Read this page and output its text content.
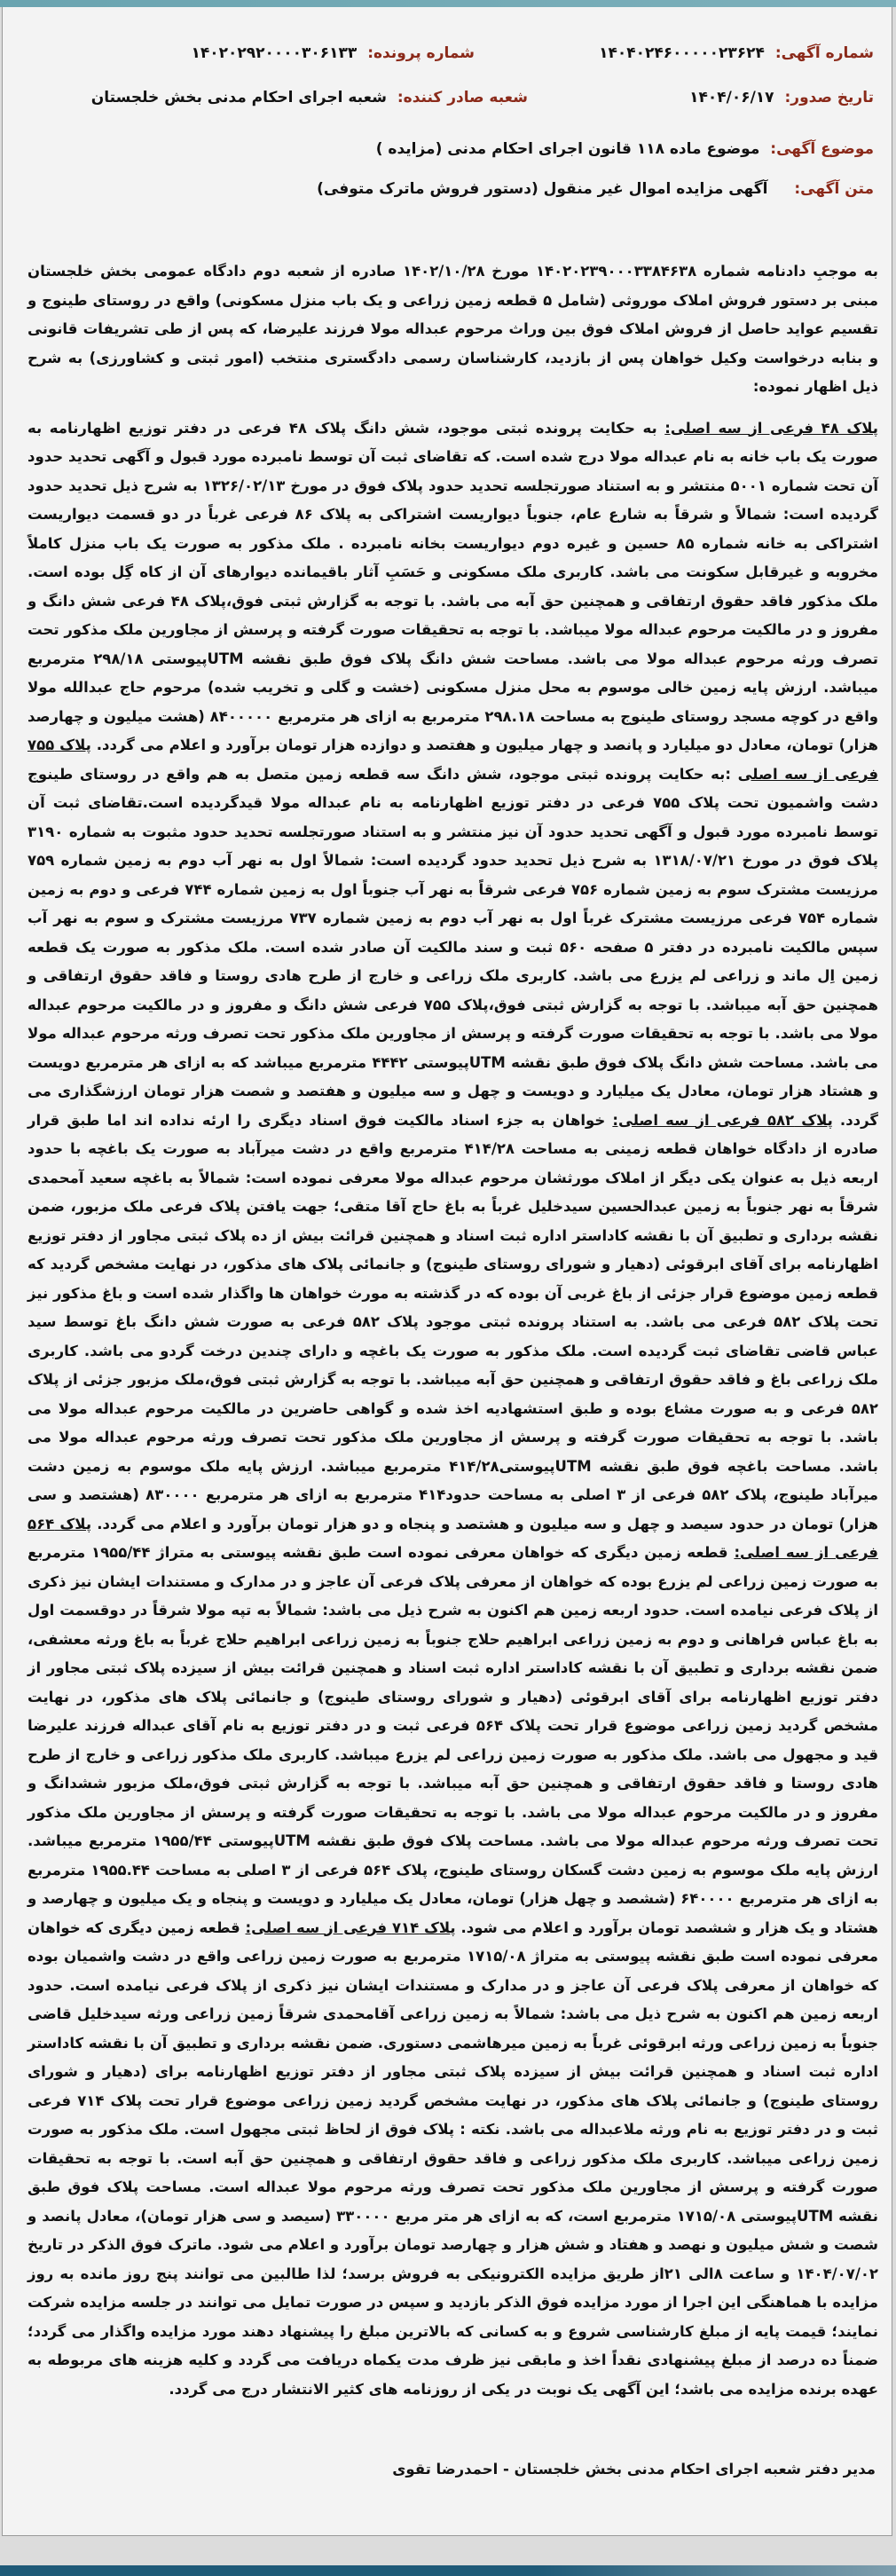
شماره آگهی: ۱۴۰۴۰۲۴۶۰۰۰۰۰۲۳۶۲۴
شماره پرونده: ۱۴۰۲۰۲۹۲۰۰۰۰۳۰۶۱۳۳
تاریخ صدور: ۱۴۰۴/۰۶/۱۷
شعبه صادر کننده: شعبه اجرای احکام مدنی بخش خلجستان
موضوع آگهی: موضوع ماده ۱۱۸ قانون اجرای احکام مدنی (مزایده )
متن آگهی: آگهی مزایده اموال غیر منقول (دستور فروش ماترک متوفی)

به موجبِ دادنامه شماره ۱۴۰۲۰۲۳۹۰۰۰۳۳۸۴۶۳۸ مورخ ۱۴۰۲/۱۰/۲۸ صادره از شعبه دوم دادگاه عمومی بخش خلجستان مبنی بر دستور فروش املاک موروثی (شامل ۵ قطعه زمین زراعی و یک باب منزل مسکونی) واقع در روستای طینوج و تقسیم عواید حاصل از فروش املاک فوق بین وراث مرحوم عبداله مولا فرزند علیرضا، که پس از طی تشریفات قانونی و بنابه درخواست وکیل خواهان پس از بازدید، کارشناسان رسمی دادگستری منتخب (امور ثبتی و کشاورزی) به شرح ذیل اظهار نموده:

پلاک ۴۸ فرعی از سه اصلی: به حکایت پرونده ثبتی موجود، شش دانگ پلاک ۴۸ فرعی در دفتر توزیع اظهارنامه به صورت یک باب خانه به نام عبداله مولا درج شده است. که تقاضای ثبت آن توسط نامبرده مورد قبول و آگهی تحدید حدود آن تحت شماره ۵۰۰۱ منتشر و به استناد صورتجلسه تحدید حدود پلاک فوق در مورخ ۱۳۲۶/۰۲/۱۳ به شرح ذیل تحدید حدود گردیده است: شمالاً و شرقاً به شارع عام، جنوباً دیواریست اشتراکی به پلاک ۸۶ فرعی غرباً در دو قسمت دیواریست اشتراکی به خانه شماره ۸۵ حسین و غیره دوم دیواریست بخانه نامبرده . ملک مذکور به صورت یک باب منزل کاملاً مخروبه و غیرقابل سکونت می باشد. کاربری ملک مسکونی و حَسَبِ آثار باقیمانده دیوارهای آن از کاه گِل بوده است. ملک مذکور فاقد حقوق ارتفاقی و همچنین حق آبه می باشد. با توجه به گزارش ثبتی فوق،پلاک ۴۸ فرعی شش دانگ و مفروز و در مالکیت مرحوم عبداله مولا میباشد. با توجه به تحقیقات صورت گرفته و پرسش از مجاورین ملک مذکور تحت تصرف ورثه مرحوم عبداله مولا می باشد. مساحت شش دانگ پلاک فوق طبق نقشه UTMپیوستی ۲۹۸/۱۸ مترمربع میباشد. ارزش پایه زمین خالی موسوم به محل منزل مسکونی (خشت و گلی و تخریب شده) مرحوم حاج عبدالله مولا واقع در کوچه مسجد روستای طینوج به مساحت ۲۹۸.۱۸ مترمربع به ازای هر مترمربع ۸۴۰۰۰۰۰ (هشت میلیون و چهارصد هزار) تومان، معادل دو میلیارد و پانصد و چهار میلیون و هفتصد و دوازده هزار تومان برآورد و اعلام می گردد. پلاک ۷۵۵ فرعی از سه اصلی :به حکایت پرونده ثبتی موجود، شش دانگ سه قطعه زمین متصل به هم واقع در روستای طینوج دشت واشمیون تحت پلاک ۷۵۵ فرعی در دفتر توزیع اظهارنامه به نام عبداله مولا قیدگردیده است.تقاضای ثبت آن توسط نامبرده مورد قبول و آگهی تحدید حدود آن نیز منتشر و به استناد صورتجلسه تحدید حدود مثبوت به شماره ۳۱۹۰ پلاک فوق در مورخ ۱۳۱۸/۰۷/۲۱ به شرح ذیل تحدید حدود گردیده است: شمالاً اول به نهر آب دوم به زمین شماره ۷۵۹ مرزیست مشترک سوم به زمین شماره ۷۵۶ فرعی شرقاً به نهر آب جنوباً اول به زمین شماره ۷۴۴ فرعی و دوم به زمین شماره ۷۵۴ فرعی مرزیست مشترک غرباً اول به نهر آب دوم به زمین شماره ۷۳۷ مرزیست مشترک و سوم به نهر آب سپس مالکیت نامبرده در دفتر ۵ صفحه ۵۶۰ ثبت و سند مالکیت آن صادر شده است. ملک مذکور به صورت یک قطعه زمین اِل ماند و زراعی لم یزرع می باشد. کاربری ملک زراعی و خارج از طرح هادی روستا و فاقد حقوق ارتفاقی و همچنین حق آبه میباشد. با توجه به گزارش ثبتی فوق،پلاک ۷۵۵ فرعی شش دانگ و مفروز و در مالکیت مرحوم عبداله مولا می باشد. با توجه به تحقیقات صورت گرفته و پرسش از مجاورین ملک مذکور تحت تصرف ورثه مرحوم عبداله مولا می باشد. مساحت شش دانگ پلاک فوق طبق نقشه UTMپیوستی ۴۴۴۲ مترمربع میباشد که به ازای هر مترمربع دویست و هشتاد هزار تومان، معادل یک میلیارد و دویست و چهل و سه میلیون و هفتصد و شصت هزار تومان ارزشگذاری می گردد. پلاک ۵۸۲ فرعی از سه اصلی: خواهان به جزء اسناد مالکیت فوق اسناد دیگری را ارئه نداده اند اما طبق قرار صادره از دادگاه خواهان قطعه زمینی به مساحت ۴۱۴/۲۸ مترمربع واقع در دشت میرآباد به صورت یک باغچه با حدود اربعه ذیل به عنوان یکی دیگر از املاک مورثشان مرحوم عبداله مولا معرفی نموده است: شمالاً به باغچه سعید آمحمدی شرقاً به نهر جنوباً به زمین عبدالحسین سیدخلیل غرباً به باغ حاج آقا متقی؛ جهت یافتن پلاک فرعی ملک مزبور، ضمن نقشه برداری و تطبیق آن با نقشه کاداستر اداره ثبت اسناد و همچنین قرائت بیش از ده پلاک ثبتی مجاور از دفتر توزیع اظهارنامه برای آقای ابرقوئی (دهیار و شورای روستای طینوج) و جانمائی پلاک های مذکور، در نهایت مشخص گردید که قطعه زمین موضوع قرار جزئی از باغ غربی آن بوده که در گذشته به مورث خواهان ها واگذار شده است و باغ مذکور نیز تحت پلاک ۵۸۲ فرعی می باشد. به استناد پرونده ثبتی موجود پلاک ۵۸۲ فرعی به صورت شش دانگ باغ توسط سید عباس قاضی تقاضای ثبت گردیده است. ملک مذکور به صورت یک باغچه و دارای چندین درخت گردو می باشد. کاربری ملک زراعی باغ و فاقد حقوق ارتفاقی و همچنین حق آبه میباشد. با توجه به گزارش ثبتی فوق،ملک مزبور جزئی از پلاک ۵۸۲ فرعی و به صورت مشاع بوده و طبق استشهادیه اخذ شده و گواهی حاضرین در مالکیت مرحوم عبداله مولا می باشد. با توجه به تحقیقات صورت گرفته و پرسش از مجاورین ملک مذکور تحت تصرف ورثه مرحوم عبداله مولا می باشد. مساحت باغچه فوق طبق نقشه UTMپیوستی۴۱۴/۲۸ مترمربع میباشد. ارزش پایه ملک موسوم به زمین دشت میرآباد طینوج، پلاک ۵۸۲ فرعی از ۳ اصلی به مساحت حدود۴۱۴ مترمربع به ازای هر مترمربع ۸۳۰۰۰۰ (هشتصد و سی هزار) تومان در حدود سیصد و چهل و سه میلیون و هشتصد و پنجاه و دو هزار تومان برآورد و اعلام می گردد. پلاک ۵۶۴ فرعی از سه اصلی: قطعه زمین دیگری که خواهان معرفی نموده است طبق نقشه پیوستی به متراژ ۱۹۵۵/۴۴ مترمربع به صورت زمین زراعی لم یزرع بوده که خواهان از معرفی پلاک فرعی آن عاجز و در مدارک و مستندات ایشان نیز ذکری از پلاک فرعی نیامده است. حدود اربعه زمین هم اکنون به شرح ذیل می باشد: شمالاً به تپه مولا شرقاً در دوقسمت اول به باغ عباس فراهانی و دوم به زمین زراعی ابراهیم حلاج جنوباً به زمین زراعی ابراهیم حلاج غرباً به باغ ورثه معشفی، ضمن نقشه برداری و تطبیق آن با نقشه کاداستر اداره ثبت اسناد و همچنین قرائت بیش از سیزده پلاک ثبتی مجاور از دفتر توزیع اظهارنامه برای آقای ابرقوئی (دهیار و شورای روستای طینوج) و جانمائی پلاک های مذکور، در نهایت مشخص گردید زمین زراعی موضوع قرار تحت پلاک ۵۶۴ فرعی ثبت و در دفتر توزیع به نام آقای عبداله فرزند علیرضا قید و مجهول می باشد. ملک مذکور به صورت زمین زراعی لم یزرع میباشد. کاربری ملک مذکور زراعی و خارج از طرح هادی روستا و فاقد حقوق ارتفاقی و همچنین حق آبه میباشد. با توجه به گزارش ثبتی فوق،ملک مزبور ششدانگ و مفروز و در مالکیت مرحوم عبداله مولا می باشد. با توجه به تحقیقات صورت گرفته و پرسش از مجاورین ملک مذکور تحت تصرف ورثه مرحوم عبداله مولا می باشد. مساحت پلاک فوق طبق نقشه UTMپیوستی ۱۹۵۵/۴۴ مترمربع میباشد. ارزش پایه ملک موسوم به زمین دشت گسکان روستای طینوج، پلاک ۵۶۴ فرعی از ۳ اصلی به مساحت ۱۹۵۵.۴۴ مترمربع به ازای هر مترمربع ۶۴۰۰۰۰ (ششصد و چهل هزار) تومان، معادل یک میلیارد و دویست و پنجاه و یک میلیون و چهارصد و هشتاد و یک هزار و ششصد تومان برآورد و اعلام می شود. پلاک ۷۱۴ فرعی از سه اصلی: قطعه زمین دیگری که خواهان معرفی نموده است طبق نقشه پیوستی به متراژ ۱۷۱۵/۰۸ مترمربع به صورت زمین زراعی واقع در دشت واشمیان بوده که خواهان از معرفی پلاک فرعی آن عاجز و در مدارک و مستندات ایشان نیز ذکری از پلاک فرعی نیامده است. حدود اربعه زمین هم اکنون به شرح ذیل می باشد: شمالاً به زمین زراعی آقامحمدی شرقاً زمین زراعی ورثه سیدخلیل قاضی جنوباً به زمین زراعی ورثه ابرقوئی غرباً به زمین میرهاشمی دستوری. ضمن نقشه برداری و تطبیق آن با نقشه کاداستر اداره ثبت اسناد و همچنین قرائت بیش از سیزده پلاک ثبتی مجاور از دفتر توزیع اظهارنامه برای (دهیار و شورای روستای طینوج) و جانمائی پلاک های مذکور، در نهایت مشخص گردید زمین زراعی موضوع قرار تحت پلاک ۷۱۴ فرعی ثبت و در دفتر توزیع به نام ورثه ملاعبداله می باشد. نکته : پلاک فوق از لحاظ ثبتی مجهول است. ملک مذکور به صورت زمین زراعی میباشد. کاربری ملک مذکور زراعی و فاقد حقوق ارتفاقی و همچنین حق آبه است. با توجه به تحقیقات صورت گرفته و پرسش از مجاورین ملک مذکور تحت تصرف ورثه مرحوم مولا عبداله است. مساحت پلاک فوق طبق نقشه UTMپیوستی ۱۷۱۵/۰۸ مترمربع است، که به ازای هر متر مربع ۳۳۰۰۰۰ (سیصد و سی هزار تومان)، معادل پانصد و شصت و شش میلیون و نهصد و هفتاد و شش هزار و چهارصد تومان برآورد و اعلام می شود. ماترک فوق الذکر در تاریخ ۱۴۰۴/۰۷/۰۲ و ساعت ۸الی ۲۱از طریق مزایده الکترونیکی به فروش برسد؛ لذا طالبین می توانند پنج روز مانده به روز مزایده با هماهنگی این اجرا از مورد مزایده فوق الذکر بازدید و سپس در صورت تمایل می توانند در جلسه مزایده شرکت نمایند؛ قیمت پایه از مبلغ کارشناسی شروع و به کسانی که بالاترین مبلغ را پیشنهاد دهند مورد مزایده واگذار می گردد؛ ضمناً ده درصد از مبلغ پیشنهادی نقداً اخذ و مابقی نیز ظرف مدت یکماه دریافت می گردد و کلیه هزینه های مربوطه به عهده برنده مزایده می باشد؛ این آگهی یک نوبت در یکی از روزنامه های کثیر الانتشار درج می گردد.

مدیر دفتر شعبه اجرای احکام مدنی بخش خلجستان - احمدرضا تقوی
